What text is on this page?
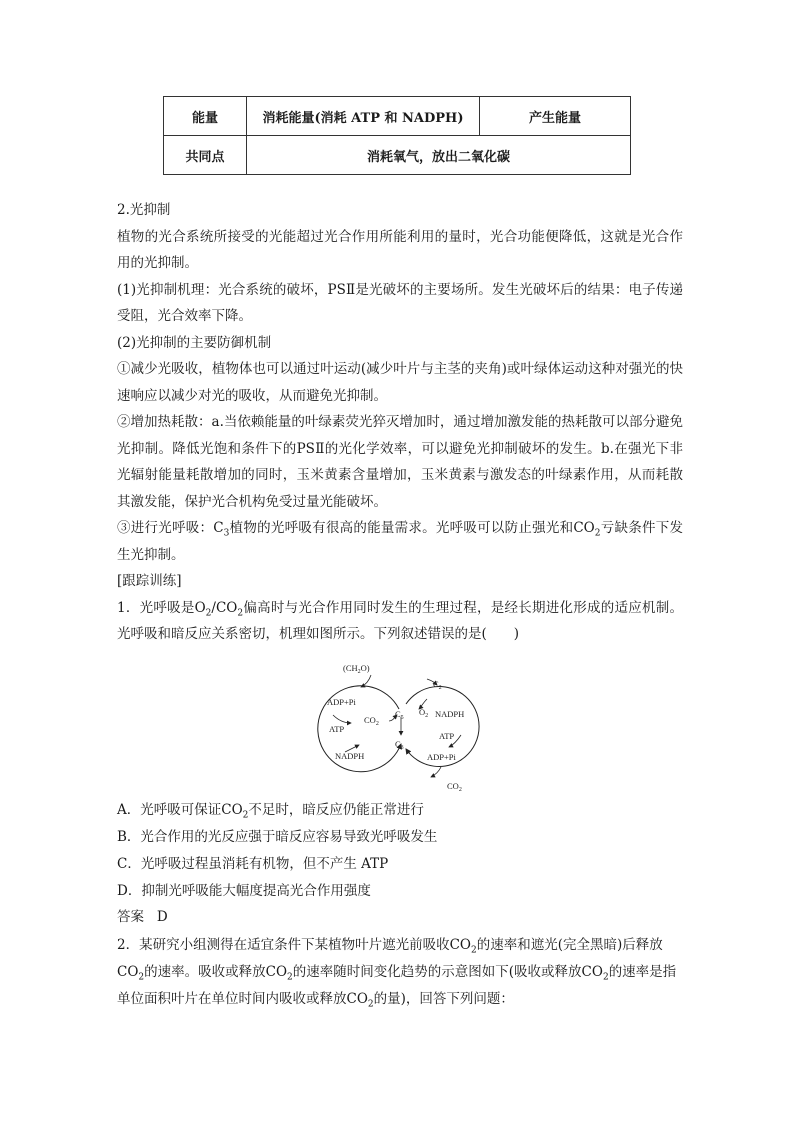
能量	消耗能量(消耗 ATP 和 NADPH)	产生能量
共同点	消耗氧气，放出二氧化碳	

2.光抑制

植物的光合系统所接受的光能超过光合作用所能利用的量时，光合功能便降低，这就是光合作用的光抑制。

(1)光抑制机理：光合系统的破坏，PSⅡ是光破坏的主要场所。发生光破坏后的结果：电子传递受阻，光合效率下降。

(2)光抑制的主要防御机制

①减少光吸收，植物体也可以通过叶运动(减少叶片与主茎的夹角)或叶绿体运动这种对强光的快速响应以减少对光的吸收，从而避免光抑制。

②增加热耗散：a.当依赖能量的叶绿素荧光猝灭增加时，通过增加激发能的热耗散可以部分避免光抑制。降低光饱和条件下的PSⅡ的光化学效率，可以避免光抑制破坏的发生。b.在强光下非光辐射能量耗散增加的同时，玉米黄素含量增加，玉米黄素与激发态的叶绿素作用，从而耗散其激发能，保护光合机构免受过量光能破坏。

③进行光呼吸：$C_3$植物的光呼吸有很高的能量需求。光呼吸可以防止强光和$CO_2$亏缺条件下发生光抑制。

[跟踪训练]

1．光呼吸是$O_2/CO_2$偏高时与光合作用同时发生的生理过程，是经长期进化形成的适应机制。光呼吸和暗反应关系密切，机理如图所示。下列叙述错误的是(　　)

$(CH_2O)$
ADP+Pi
ATP
NADPH
$CO_2$
$C_5$
$C_3$
$C_2$
$O_2$ NADPH
ATP
ADP+Pi
$CO_2$
A．光呼吸可保证$CO_2$不足时，暗反应仍能正常进行
B．光合作用的光反应强于暗反应容易导致光呼吸发生
C．光呼吸过程虽消耗有机物，但不产生 ATP
D．抑制光呼吸能大幅度提高光合作用强度
答案 D
2．某研究小组测得在适宜条件下某植物叶片遮光前吸收$CO_2$的速率和遮光(完全黑暗)后释放$CO_2$的速率。吸收或释放$CO_2$的速率随时间变化趋势的示意图如下(吸收或释放$CO_2$的速率是指单位面积叶片在单位时间内吸收或释放$CO_2$的量)，回答下列问题：
